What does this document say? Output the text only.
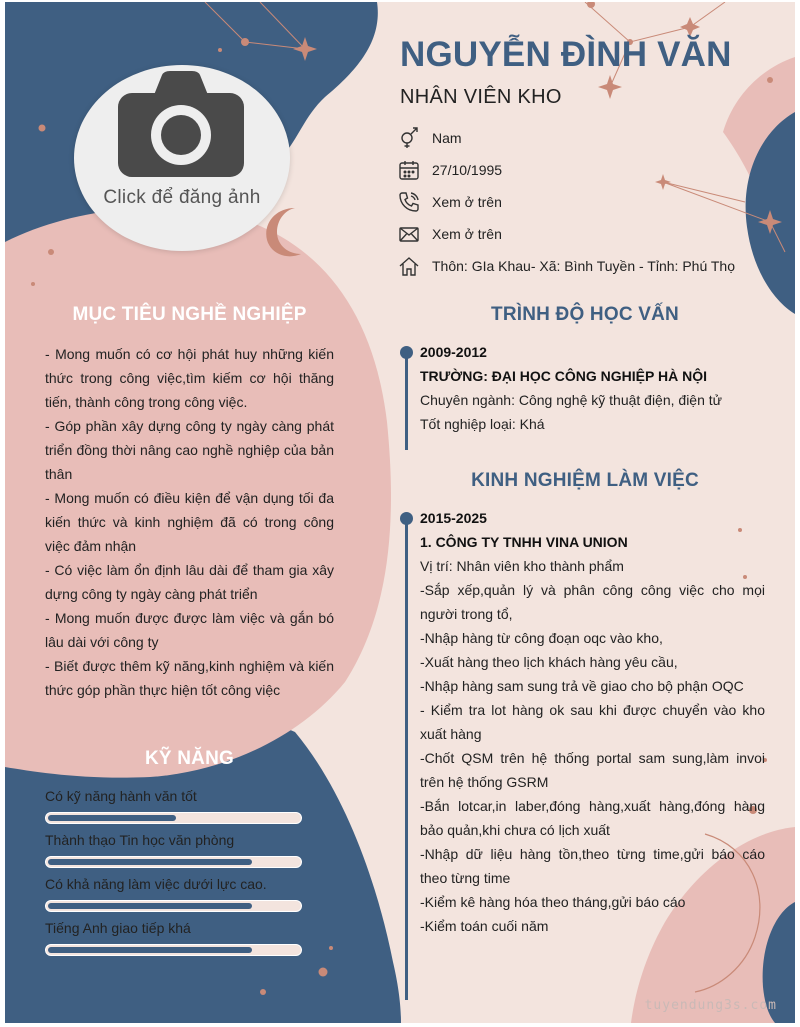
Click để đăng ảnh
NGUYỄN ĐÌNH VĂN
NHÂN VIÊN KHO
Nam
27/10/1995
Xem ở trên
Xem ở trên
Thôn: GIa Khau- Xã: Bình Tuyền - Tỉnh: Phú Thọ
MỤC TIÊU NGHỀ NGHIỆP

- Mong muốn có cơ hội phát huy những kiến thức trong công việc,tìm kiếm cơ hội thăng tiến, thành công trong công việc.

- Góp phần xây dựng công ty ngày càng phát triển đồng thời nâng cao nghề nghiệp của bản thân

- Mong muốn có điều kiện để vận dụng tối đa kiến thức và kinh nghiệm đã có trong công việc đảm nhận

- Có việc làm ổn định lâu dài để tham gia xây dựng công ty ngày càng phát triển

- Mong muốn được được làm việc và gắn bó lâu dài với công ty

- Biết được thêm kỹ năng,kinh nghiệm và kiến thức góp phần thực hiện tốt công việc

KỸ NĂNG
Có kỹ năng hành văn tốt
Thành thạo Tin học văn phòng
Có khả năng làm việc dưới lực cao.
Tiếng Anh giao tiếp khá
TRÌNH ĐỘ HỌC VẤN

2009-2012

TRƯỜNG: ĐẠI HỌC CÔNG NGHIỆP HÀ NỘI

Chuyên ngành: Công nghệ kỹ thuật điện, điện tử

Tốt nghiệp loại: Khá

KINH NGHIỆM LÀM VIỆC

2015-2025

1. CÔNG TY TNHH VINA UNION

Vị trí: Nhân viên kho thành phẩm

-Sắp xếp,quản lý và phân công công việc cho mọi người trong tổ,

-Nhập hàng từ công đoạn oqc vào kho,

-Xuất hàng theo lịch khách hàng yêu cầu,

-Nhập hàng sam sung trả về giao cho bộ phận OQC

- Kiểm tra lot hàng ok sau khi được chuyển vào kho xuất hàng

-Chốt QSM trên hệ thống portal sam sung,làm invoi trên hệ thống GSRM

-Bắn lotcar,in laber,đóng hàng,xuất hàng,đóng hàng bảo quản,khi chưa có lịch xuất

-Nhập dữ liệu hàng tồn,theo từng time,gửi báo cáo theo từng time

-Kiểm kê hàng hóa theo tháng,gửi báo cáo

-Kiểm toán cuối năm

tuyendung3s.com
